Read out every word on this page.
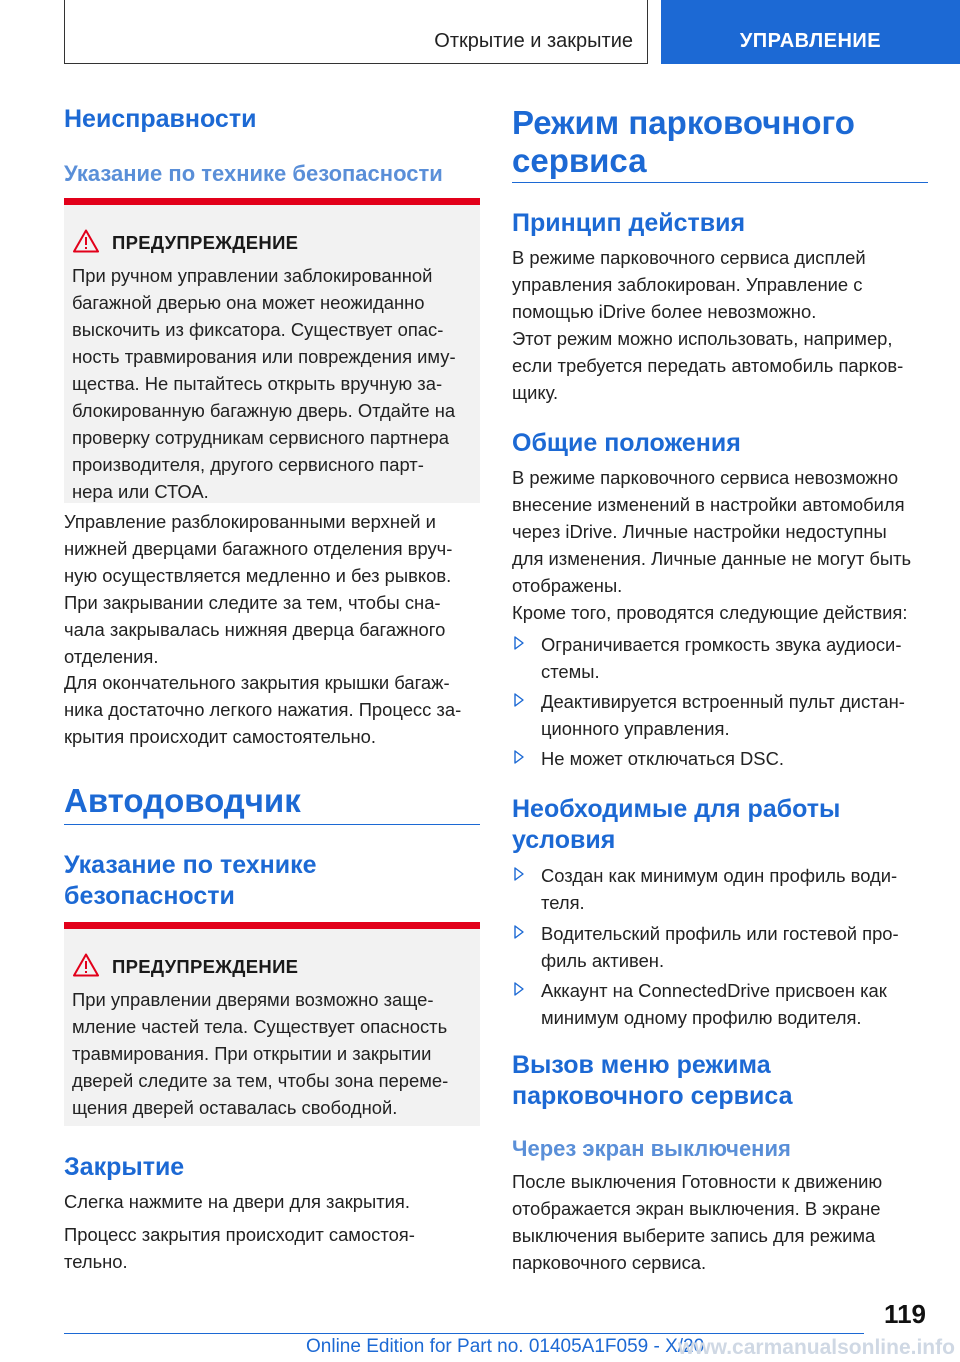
Открытие и закрытие	УПРАВЛЕНИЕ
Неисправности
Указание по технике безопасности
ПРЕДУПРЕЖДЕНИЕ
При ручном управлении заблокированной
багажной дверью она может неожиданно
выскочить из фиксатора. Существует опас-
ность травмирования или повреждения иму-
щества. Не пытайтесь открыть вручную за-
блокированную багажную дверь. Отдайте на
проверку сотрудникам сервисного партнера
производителя, другого сервисного парт-
нера или СТОА.
Управление разблокированными верхней и
нижней дверцами багажного отделения вруч-
ную осуществляется медленно и без рывков.
При закрывании следите за тем, чтобы сна-
чала закрывалась нижняя дверца багажного
отделения.
Для окончательного закрытия крышки багаж-
ника достаточно легкого нажатия. Процесс за-
крытия происходит самостоятельно.
Автодоводчик
Указание по технике
безопасности
ПРЕДУПРЕЖДЕНИЕ
При управлении дверями возможно заще-
мление частей тела. Существует опасность
травмирования. При открытии и закрытии
дверей следите за тем, чтобы зона переме-
щения дверей оставалась свободной.
Закрытие
Слегка нажмите на двери для закрытия.
Процесс закрытия происходит самостоя-
тельно.
Режим парковочного
сервиса
Принцип действия
В режиме парковочного сервиса дисплей
управления заблокирован. Управление с
помощью iDrive более невозможно.
Этот режим можно использовать, например,
если требуется передать автомобиль парков-
щику.
Общие положения
В режиме парковочного сервиса невозможно
внесение изменений в настройки автомобиля
через iDrive. Личные настройки недоступны
для изменения. Личные данные не могут быть
отображены.
Кроме того, проводятся следующие действия:
Ограничивается громкость звука аудиоси-
стемы.
Деактивируется встроенный пульт дистан-
ционного управления.
Не может отключаться DSC.
Необходимые для работы
условия
Создан как минимум один профиль води-
теля.
Водительский профиль или гостевой про-
филь активен.
Аккаунт на ConnectedDrive присвоен как
минимум одному профилю водителя.
Вызов меню режима
парковочного сервиса
Через экран выключения
После выключения Готовности к движению
отображается экран выключения. В экране
выключения выберите запись для режима
парковочного сервиса.
119
Online Edition for Part no. 01405A1F059 - X/20
www.carmanualsonline.info
